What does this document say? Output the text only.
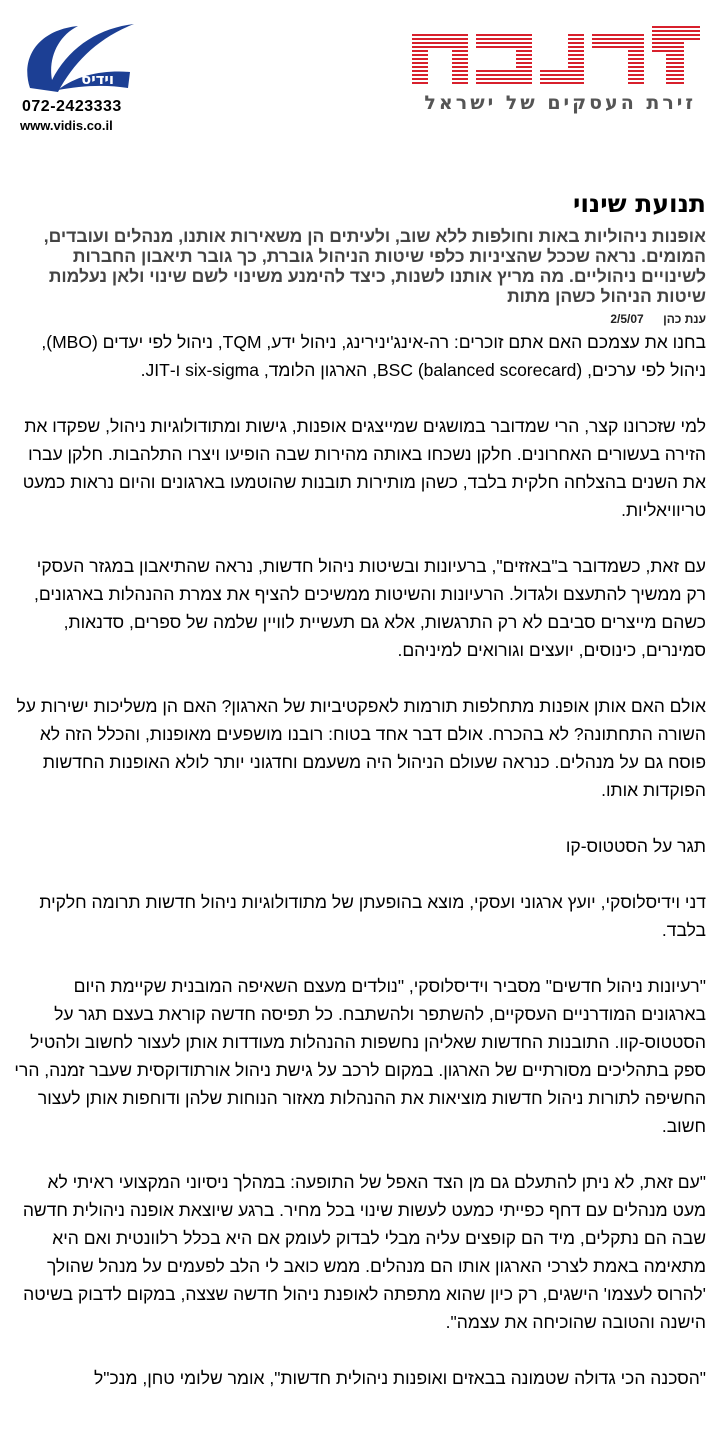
זירת העסקים של ישראל
וידיס
072-2423333
www.vidis.co.il
תנועת שינוי

אופנות ניהוליות באות וחולפות ללא שוב, ולעיתים הן משאירות אותנו, מנהלים ועובדים, המומים. נראה שככל שהציניות כלפי שיטות הניהול גוברת, כך גובר תיאבון החברות לשינויים ניהוליים. מה מריץ אותנו לשנות, כיצד להימנע משינוי לשם שינוי ולאן נעלמות שיטות הניהול כשהן מתות

ענת כהן 2/5/07

בחנו את עצמכם האם אתם זוכרים: רה-אינג'ינירינג, ניהול ידע, TQM, ניהול לפי יעדים (MBO), ניהול לפי ערכים, BSC (balanced scorecard), הארגון הלומד, six-sigma ו-JIT.

למי שזכרונו קצר, הרי שמדובר במושגים שמייצגים אופנות, גישות ומתודולוגיות ניהול, שפקדו את הזירה בעשורים האחרונים. חלקן נשכחו באותה מהירות שבה הופיעו ויצרו התלהבות. חלקן עברו את השנים בהצלחה חלקית בלבד, כשהן מותירות תובנות שהוטמעו בארגונים והיום נראות כמעט טריוויאליות.

עם זאת, כשמדובר ב"באזזים", ברעיונות ובשיטות ניהול חדשות, נראה שהתיאבון במגזר העסקי רק ממשיך להתעצם ולגדול. הרעיונות והשיטות ממשיכים להציף את צמרת ההנהלות בארגונים, כשהם מייצרים סביבם לא רק התרגשות, אלא גם תעשיית לוויין שלמה של ספרים, סדנאות, סמינרים, כינוסים, יועצים וגורואים למיניהם.

אולם האם אותן אופנות מתחלפות תורמות לאפקטיביות של הארגון? האם הן משליכות ישירות על השורה התחתונה? לא בהכרח. אולם דבר אחד בטוח: רובנו מושפעים מאופנות, והכלל הזה לא פוסח גם על מנהלים. כנראה שעולם הניהול היה משעמם וחדגוני יותר לולא האופנות החדשות הפוקדות אותו.

תגר על הסטטוס-קו

דני וידיסלוסקי, יועץ ארגוני ועסקי, מוצא בהופעתן של מתודולוגיות ניהול חדשות תרומה חלקית בלבד.

"רעיונות ניהול חדשים" מסביר וידיסלוסקי, "נולדים מעצם השאיפה המובנית שקיימת היום בארגונים המודרניים העסקיים, להשתפר ולהשתבח. כל תפיסה חדשה קוראת בעצם תגר על הסטטוס-קוו. התובנות החדשות שאליהן נחשפות ההנהלות מעודדות אותן לעצור לחשוב ולהטיל ספק בתהליכים מסורתיים של הארגון. במקום לרכב על גישת ניהול אורתודוקסית שעבר זמנה, הרי החשיפה לתורות ניהול חדשות מוציאות את ההנהלות מאזור הנוחות שלהן ודוחפות אותן לעצור חשוב.

"עם זאת, לא ניתן להתעלם גם מן הצד האפל של התופעה: במהלך ניסיוני המקצועי ראיתי לא מעט מנהלים עם דחף כפייתי כמעט לעשות שינוי בכל מחיר. ברגע שיוצאת אופנה ניהולית חדשה שבה הם נתקלים, מיד הם קופצים עליה מבלי לבדוק לעומק אם היא בכלל רלוונטית ואם היא מתאימה באמת לצרכי הארגון אותו הם מנהלים. ממש כואב לי הלב לפעמים על מנהל שהולך 'להרוס לעצמו' הישגים, רק כיון שהוא מתפתה לאופנת ניהול חדשה שצצה, במקום לדבוק בשיטה הישנה והטובה שהוכיחה את עצמה".

"הסכנה הכי גדולה שטמונה בבאזים ואופנות ניהולית חדשות", אומר שלומי טחן, מנכ"ל
